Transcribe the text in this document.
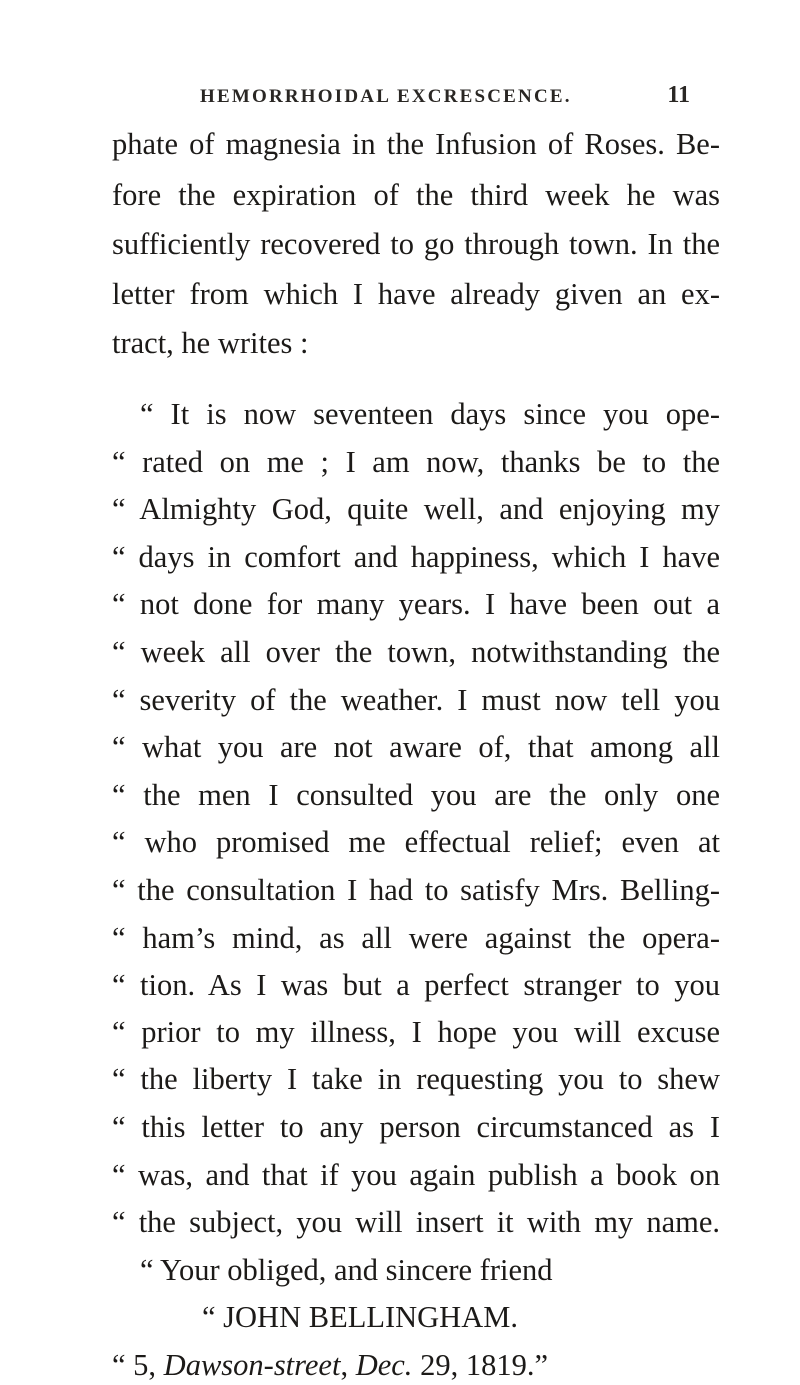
HEMORRHOIDAL EXCRESCENCE.	11
phate of magnesia in the Infusion of Roses. Be-
fore the expiration of the third week he was
sufficiently recovered to go through town. In the
letter from which I have already given an ex-
tract, he writes :
“ It is now seventeen days since you ope-
“ rated on me ; I am now, thanks be to the
“ Almighty God, quite well, and enjoying my
“ days in comfort and happiness, which I have
“ not done for many years. I have been out a
“ week all over the town, notwithstanding the
“ severity of the weather. I must now tell you
“ what you are not aware of, that among all
“ the men I consulted you are the only one
“ who promised me effectual relief; even at
“ the consultation I had to satisfy Mrs. Belling-
“ ham’s mind, as all were against the opera-
“ tion. As I was but a perfect stranger to you
“ prior to my illness, I hope you will excuse
“ the liberty I take in requesting you to shew
“ this letter to any person circumstanced as I
“ was, and that if you again publish a book on
“ the subject, you will insert it with my name.
“ Your obliged, and sincere friend
“ JOHN BELLINGHAM.
“ 5, Dawson-street, Dec. 29, 1819.”
